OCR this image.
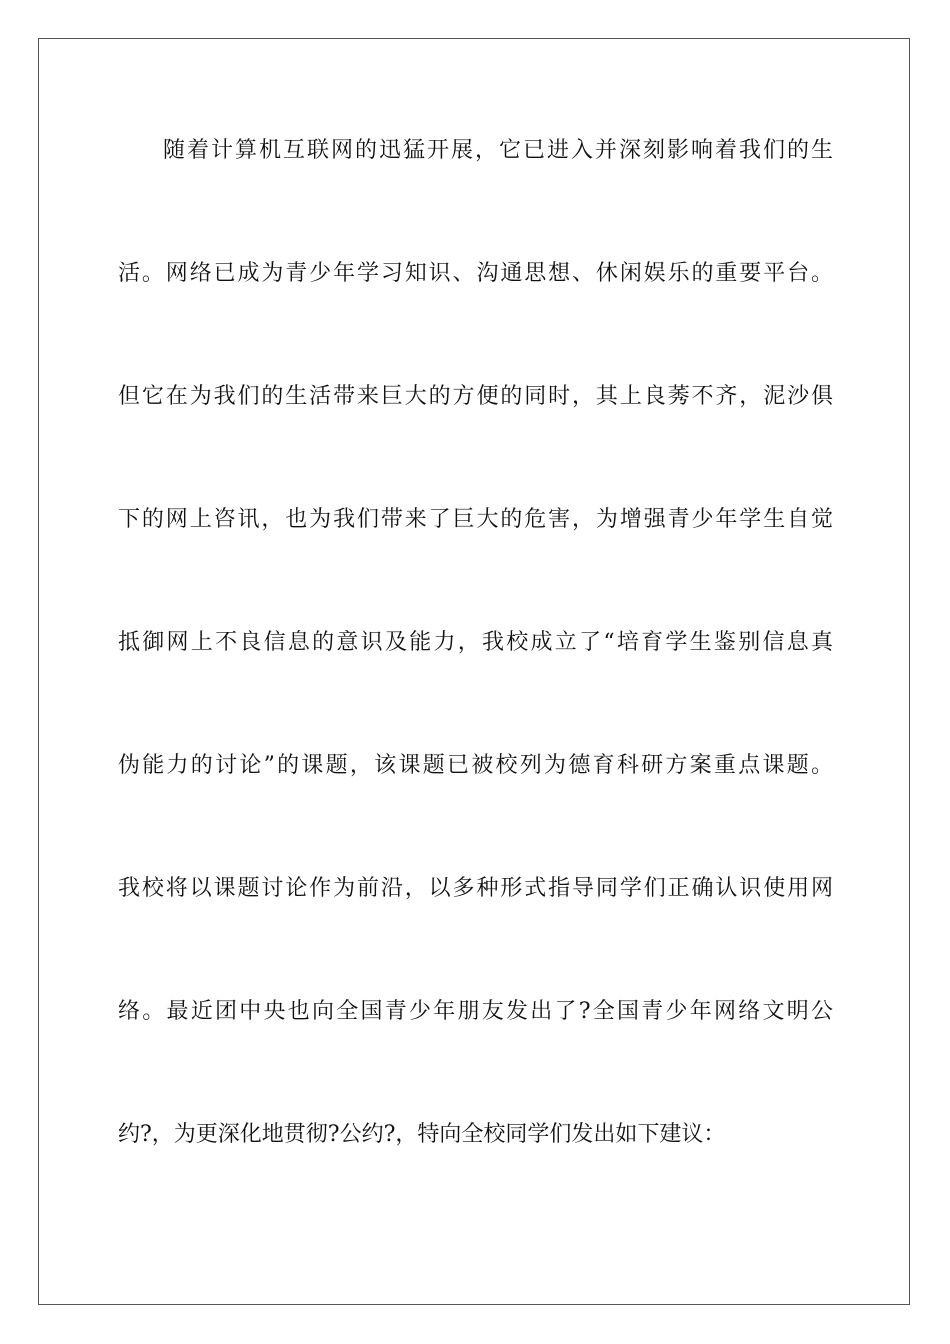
随着计算机互联网的迅猛开展，它已进入并深刻影响着我们的生
活。网络已成为青少年学习知识、沟通思想、休闲娱乐的重要平台。
但它在为我们的生活带来巨大的方便的同时，其上良莠不齐，泥沙俱
下的网上咨讯，也为我们带来了巨大的危害，为增强青少年学生自觉
抵御网上不良信息的意识及能力，我校成立了“培育学生鉴别信息真
伪能力的讨论”的课题，该课题已被校列为德育科研方案重点课题。
我校将以课题讨论作为前沿，以多种形式指导同学们正确认识使用网
络。最近团中央也向全国青少年朋友发出了?全国青少年网络文明公
约?，为更深化地贯彻?公约?，特向全校同学们发出如下建议：
